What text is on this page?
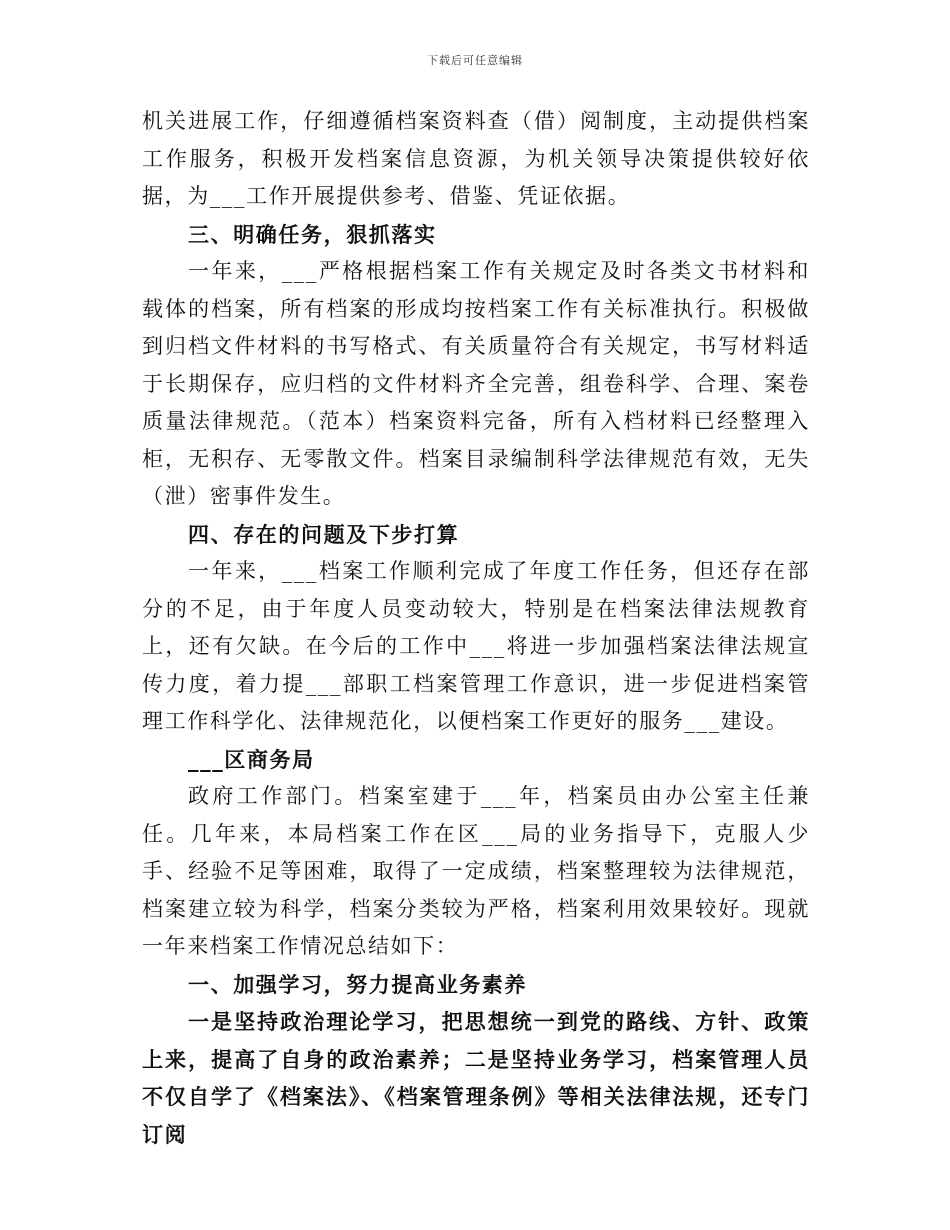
下载后可任意编辑

机关进展工作，仔细遵循档案资料查（借）阅制度，主动提供档案工作服务，积极开发档案信息资源，为机关领导决策提供较好依据，为___工作开展提供参考、借鉴、凭证依据。

三、明确任务，狠抓落实

一年来，___严格根据档案工作有关规定及时各类文书材料和载体的档案，所有档案的形成均按档案工作有关标准执行。积极做到归档文件材料的书写格式、有关质量符合有关规定，书写材料适于长期保存，应归档的文件材料齐全完善，组卷科学、合理、案卷质量法律规范。（范本）档案资料完备，所有入档材料已经整理入柜，无积存、无零散文件。档案目录编制科学法律规范有效，无失（泄）密事件发生。

四、存在的问题及下步打算

一年来，___档案工作顺利完成了年度工作任务，但还存在部分的不足，由于年度人员变动较大，特别是在档案法律法规教育上，还有欠缺。在今后的工作中___将进一步加强档案法律法规宣传力度，着力提___部职工档案管理工作意识，进一步促进档案管理工作科学化、法律规范化，以便档案工作更好的服务___建设。

___区商务局

政府工作部门。档案室建于___年，档案员由办公室主任兼任。几年来，本局档案工作在区___局的业务指导下，克服人少手、经验不足等困难，取得了一定成绩，档案整理较为法律规范，档案建立较为科学，档案分类较为严格，档案利用效果较好。现就一年来档案工作情况总结如下：

一、加强学习，努力提高业务素养

一是坚持政治理论学习，把思想统一到党的路线、方针、政策上来，提高了自身的政治素养；二是坚持业务学习，档案管理人员不仅自学了《档案法》、《档案管理条例》等相关法律法规，还专门订阅
